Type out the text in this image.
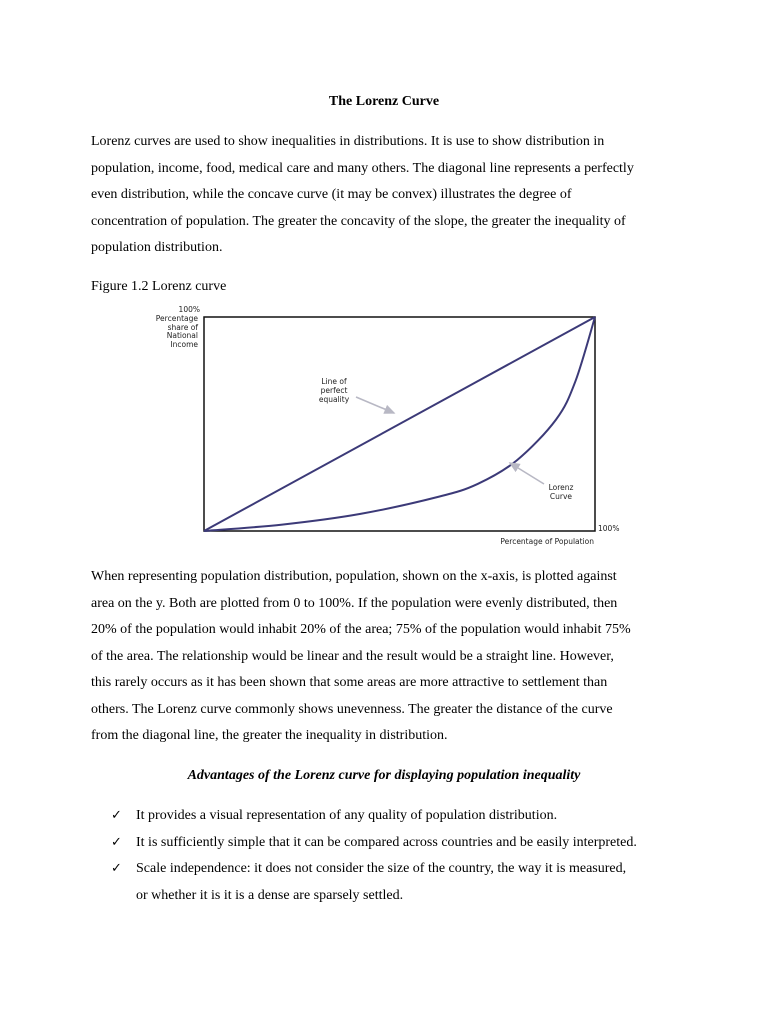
The Lorenz Curve

Lorenz curves are used to show inequalities in distributions. It is use to show distribution in
population, income, food, medical care and many others. The diagonal line represents a perfectly
even distribution, while the concave curve (it may be convex) illustrates the degree of
concentration of population. The greater the concavity of the slope, the greater the inequality of
population distribution.

Figure 1.2 Lorenz curve
100%
Percentage
share of
National
Income
100%
Percentage of Population
Line of
perfect
equality
Lorenz
Curve

When representing population distribution, population, shown on the x-axis, is plotted against
area on the y. Both are plotted from 0 to 100%. If the population were evenly distributed, then
20% of the population would inhabit 20% of the area; 75% of the population would inhabit 75%
of the area. The relationship would be linear and the result would be a straight line. However,
this rarely occurs as it has been shown that some areas are more attractive to settlement than
others. The Lorenz curve commonly shows unevenness. The greater the distance of the curve
from the diagonal line, the greater the inequality in distribution.

Advantages of the Lorenz curve for displaying population inequality
✓ It provides a visual representation of any quality of population distribution.
✓ It is sufficiently simple that it can be compared across countries and be easily interpreted.
✓ Scale independence: it does not consider the size of the country, the way it is measured,
or whether it is it is a dense are sparsely settled.
